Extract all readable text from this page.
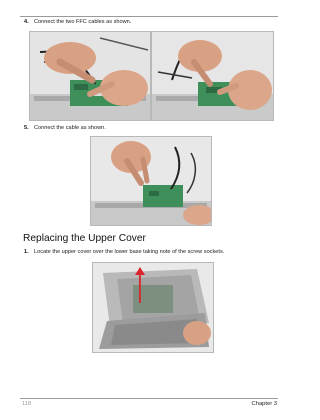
4. Connect the two FFC cables as shown.
5. Connect the cable as shown.
Replacing the Upper Cover
1. Locate the upper cover over the lower base taking note of the screw sockets.
118	Chapter 3
